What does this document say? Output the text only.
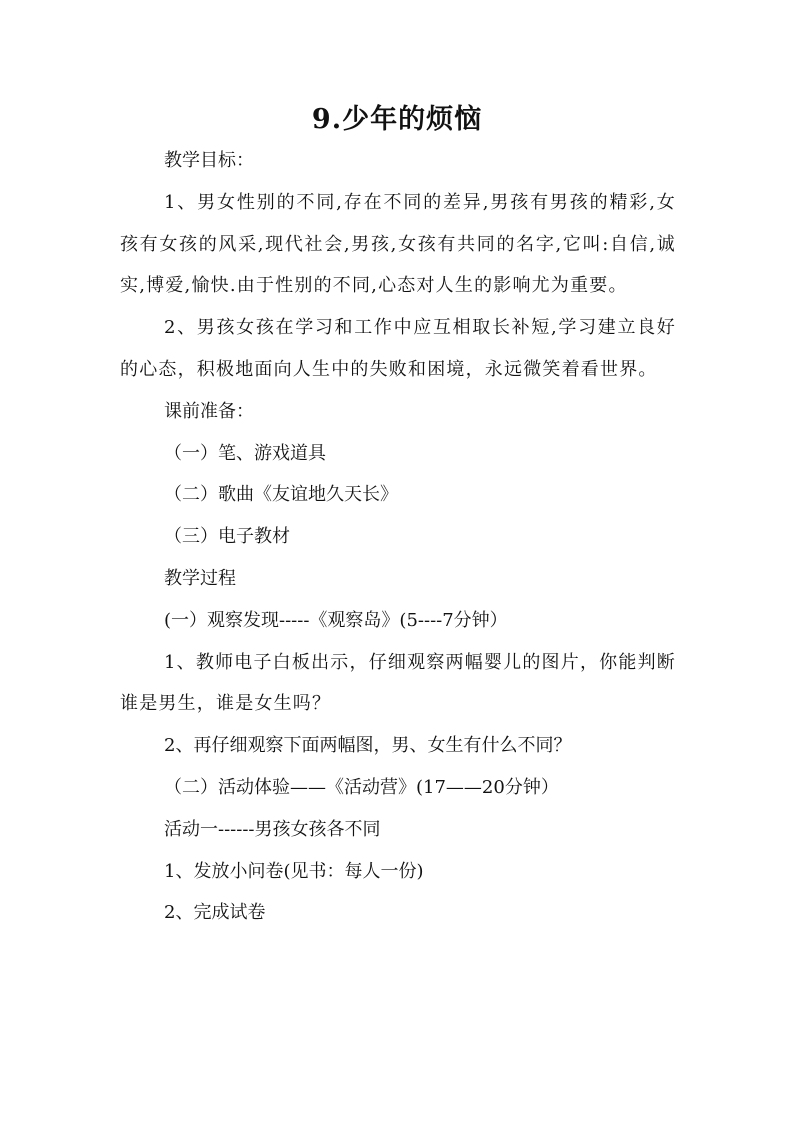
9.少年的烦恼

教学目标：

1、男女性别的不同,存在不同的差异,男孩有男孩的精彩,女孩有女孩的风采,现代社会,男孩,女孩有共同的名字,它叫:自信,诚实,博爱,愉快.由于性别的不同,心态对人生的影响尤为重要。

2、男孩女孩在学习和工作中应互相取长补短,学习建立良好的心态，积极地面向人生中的失败和困境，永远微笑着看世界。

课前准备：

（一）笔、游戏道具

（二）歌曲《友谊地久天长》

（三）电子教材

教学过程

(一）观察发现-----《观察岛》(5----7分钟）

1、教师电子白板出示，仔细观察两幅婴儿的图片，你能判断谁是男生，谁是女生吗？

2、再仔细观察下面两幅图，男、女生有什么不同？

（二）活动体验——《活动营》(17——20分钟）

活动一------男孩女孩各不同

1、发放小问卷(见书：每人一份)

2、完成试卷
